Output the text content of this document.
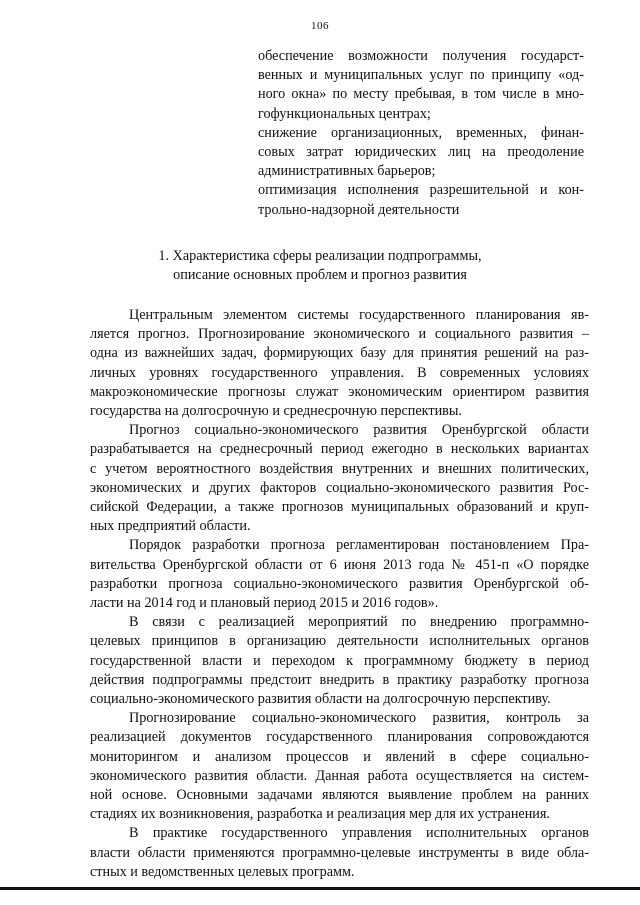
106
обеспечение возможности получения государст-
венных и муниципальных услуг по принципу «од-
ного окна» по месту пребывая, в том числе в мно-
гофункциональных центрах;
снижение организационных, временных, финан-
совых затрат юридических лиц на преодоление
административных барьеров;
оптимизация исполнения разрешительной и кон-
трольно-надзорной деятельности
1. Характеристика сферы реализации подпрограммы,
описание основных проблем и прогноз развития
Центральным элементом системы государственного планирования яв-
ляется прогноз. Прогнозирование экономического и социального развития –
одна из важнейших задач, формирующих базу для принятия решений на раз-
личных уровнях государственного управления. В современных условиях
макроэкономические прогнозы служат экономическим ориентиром развития
государства на долгосрочную и среднесрочную перспективы.
Прогноз социально-экономического развития Оренбургской области
разрабатывается на среднесрочный период ежегодно в нескольких вариантах
с учетом вероятностного воздействия внутренних и внешних политических,
экономических и других факторов социально-экономического развития Рос-
сийской Федерации, а также прогнозов муниципальных образований и круп-
ных предприятий области.
Порядок разработки прогноза регламентирован постановлением Пра-
вительства Оренбургской области от 6 июня 2013 года № 451-п «О порядке
разработки прогноза социально-экономического развития Оренбургской об-
ласти на 2014 год и плановый период 2015 и 2016 годов».
В связи с реализацией мероприятий по внедрению программно-
целевых принципов в организацию деятельности исполнительных органов
государственной власти и переходом к программному бюджету в период
действия подпрограммы предстоит внедрить в практику разработку прогноза
социально-экономического развития области на долгосрочную перспективу.
Прогнозирование социально-экономического развития, контроль за
реализацией документов государственного планирования сопровождаются
мониторингом и анализом процессов и явлений в сфере социально-
экономического развития области. Данная работа осуществляется на систем-
ной основе. Основными задачами являются выявление проблем на ранних
стадиях их возникновения, разработка и реализация мер для их устранения.
В практике государственного управления исполнительных органов
власти области применяются программно-целевые инструменты в виде обла-
стных и ведомственных целевых программ.
